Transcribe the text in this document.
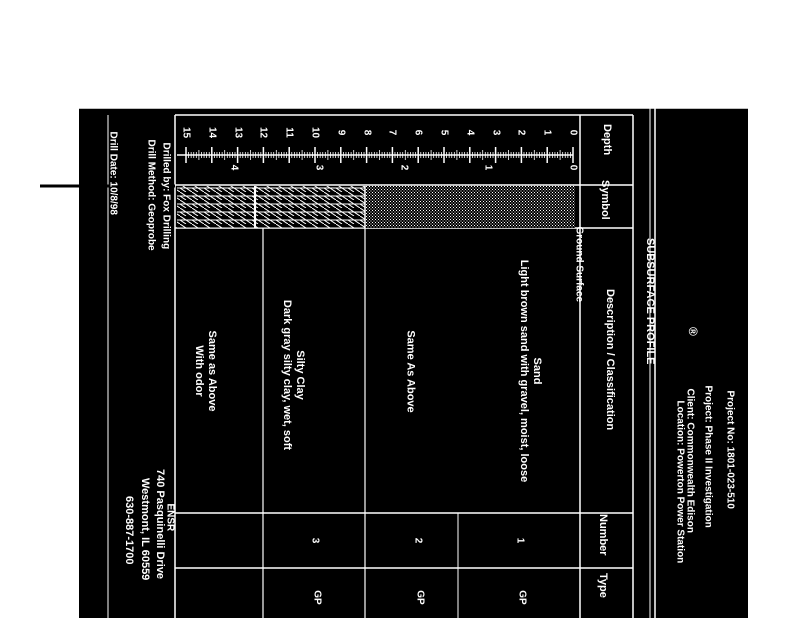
Project No: 1801-023-510
Project: Phase II Investigation
Client: Commonwealth Edison
Location: Powerton Power Station
®
SUBSURFACE PROFILE
Depth
Symbol
Description / Classification
Number
Type
Ground Surface
Sand
Light brown sand with gravel, moist, loose
Same As Above
Silty Clay
Dark gray silty clay, wet, soft
Same as Above
With odor
1
2
3
GP
GP
GP
Drilled by: Fox Drilling
Drill Method: Geoprobe
Drill Date: 10/8/98
ENSR
740 Pasquinelli Drive
Westmont, IL 60559
630-887-1700
0
1
2
3
4
5
6
7
8
9
10
11
12
13
14
15
0
1
2
3
4
